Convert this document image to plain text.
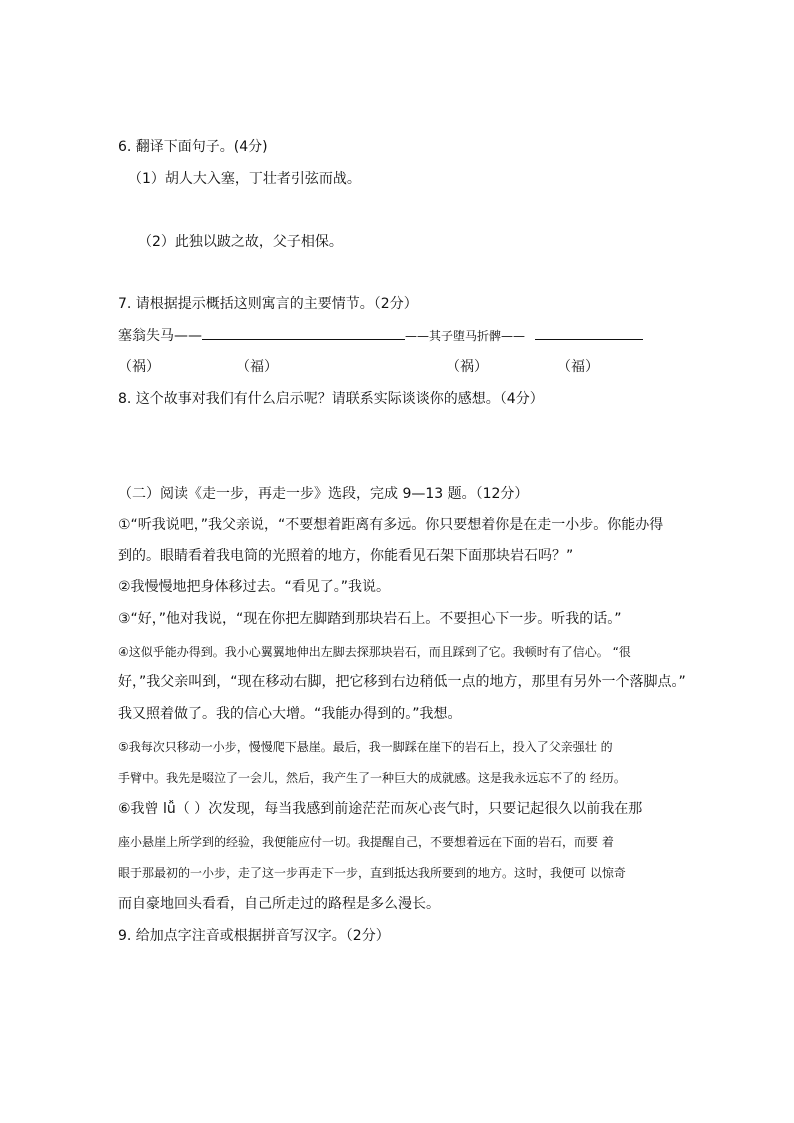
6. 翻译下面句子。(4分)
（1）胡人大入塞，丁壮者引弦而战。
（2）此独以跛之故，父子相保。
7. 请根据提示概括这则寓言的主要情节。（2分）
塞翁失马——	——其子堕马折髀——
（祸）	（福）	（祸）	（福）
8. 这个故事对我们有什么启示呢？请联系实际谈谈你的感想。（4分）
（二）阅读《走一步，再走一步》选段，完成 9—13 题。（12分）
①“听我说吧，”我父亲说，“不要想着距离有多远。你只要想着你是在走一小步。你能办得
到的。眼睛看着我电筒的光照着的地方，你能看见石架下面那块岩石吗？”
②我慢慢地把身体移过去。“看见了。”我说。
③“好，”他对我说，“现在你把左脚踏到那块岩石上。不要担心下一步。听我的话。”
④这似乎能办得到。我小心翼翼地伸出左脚去探那块岩石，而且踩到了它。我顿时有了信心。 “很
好，”我父亲叫到，“现在移动右脚，把它移到右边稍低一点的地方，那里有另外一个落脚点。”
我又照着做了。我的信心大增。“我能办得到的。”我想。
⑤我每次只移动一小步，慢慢爬下悬崖。最后，我一脚踩在崖下的岩石上，投入了父亲强壮 的
手臂中。我先是啜泣了一会儿，然后，我产生了一种巨大的成就感。这是我永远忘不了的 经历。
⑥我曾 lǚ（ ）次发现，每当我感到前途茫茫而灰心丧气时，只要记起很久以前我在那
座小悬崖上所学到的经验，我便能应付一切。我提醒自己，不要想着远在下面的岩石，而要 着
眼于那最初的一小步，走了这一步再走下一步，直到抵达我所要到的地方。这时，我便可 以惊奇
而自豪地回头看看，自己所走过的路程是多么漫长。
9. 给加点字注音或根据拼音写汉字。（2分）
